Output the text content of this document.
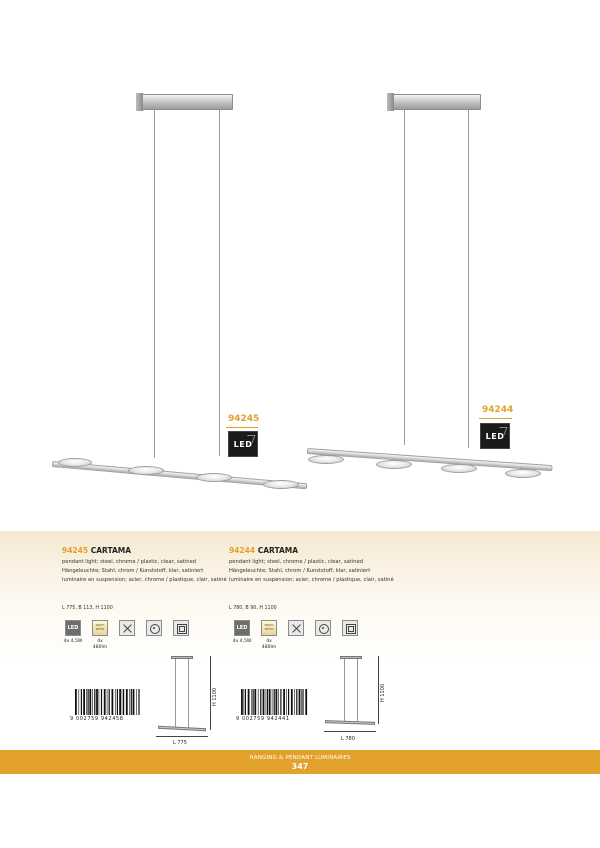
94245
LED
94244
LED
94245 CARTAMA
pendant light; steel, chrome / plastic, clear, satined
Hängeleuchte; Stahl, chrom / Kunststoff, klar, satiniert
luminaire en suspension; acier, chrome / plastique, clair, satiné
L 775, B 113, H 1100
LED	warm white
4x 4,5W	4x
480lm
9 002759 942458
H 1100
L 775
94244 CARTAMA
pendant light; steel, chrome / plastic, clear, satined
Hängeleuchte; Stahl, chrom / Kunststoff, klar, satiniert
luminaire en suspension; acier, chrome / plastique, clair, satiné
L 780, B 90, H 1100
LED	warm white
4x 4,5W	4x
480lm
9 002759 942441
H 1100
L 780
HANGING & PENDANT LUMINAIRES
347
